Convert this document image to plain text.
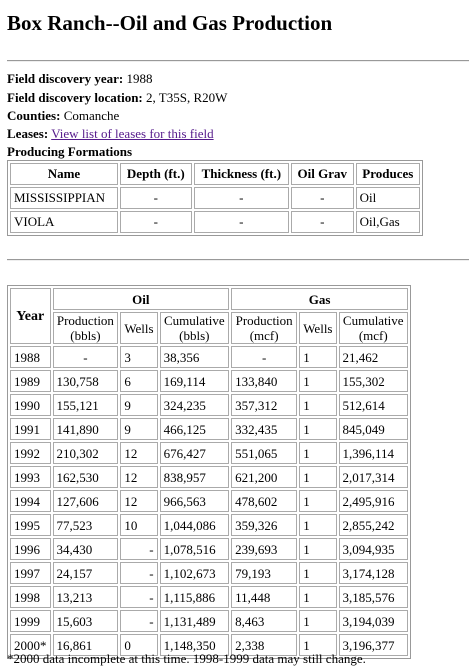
Box Ranch--Oil and Gas Production
Field discovery year: 1988
Field discovery location: 2, T35S, R20W
Counties: Comanche
Leases: View list of leases for this field
Producing Formations
Name	Depth (ft.)	Thickness (ft.)	Oil Grav	Produces
MISSISSIPPIAN	-	-	-	Oil
VIOLA	-	-	-	Oil,Gas
Year	Oil			Gas		
	Production (bbls)	Wells	Cumulative (bbls)	Production (mcf)	Wells	Cumulative (mcf)
1988	-	3	38,356	-	1	21,462
1989	130,758	6	169,114	133,840	1	155,302
1990	155,121	9	324,235	357,312	1	512,614
1991	141,890	9	466,125	332,435	1	845,049
1992	210,302	12	676,427	551,065	1	1,396,114
1993	162,530	12	838,957	621,200	1	2,017,314
1994	127,606	12	966,563	478,602	1	2,495,916
1995	77,523	10	1,044,086	359,326	1	2,855,242
1996	34,430	-	1,078,516	239,693	1	3,094,935
1997	24,157	-	1,102,673	79,193	1	3,174,128
1998	13,213	-	1,115,886	11,448	1	3,185,576
1999	15,603	-	1,131,489	8,463	1	3,194,039
2000*	16,861	0	1,148,350	2,338	1	3,196,377
*2000 data incomplete at this time. 1998-1999 data may still change.
